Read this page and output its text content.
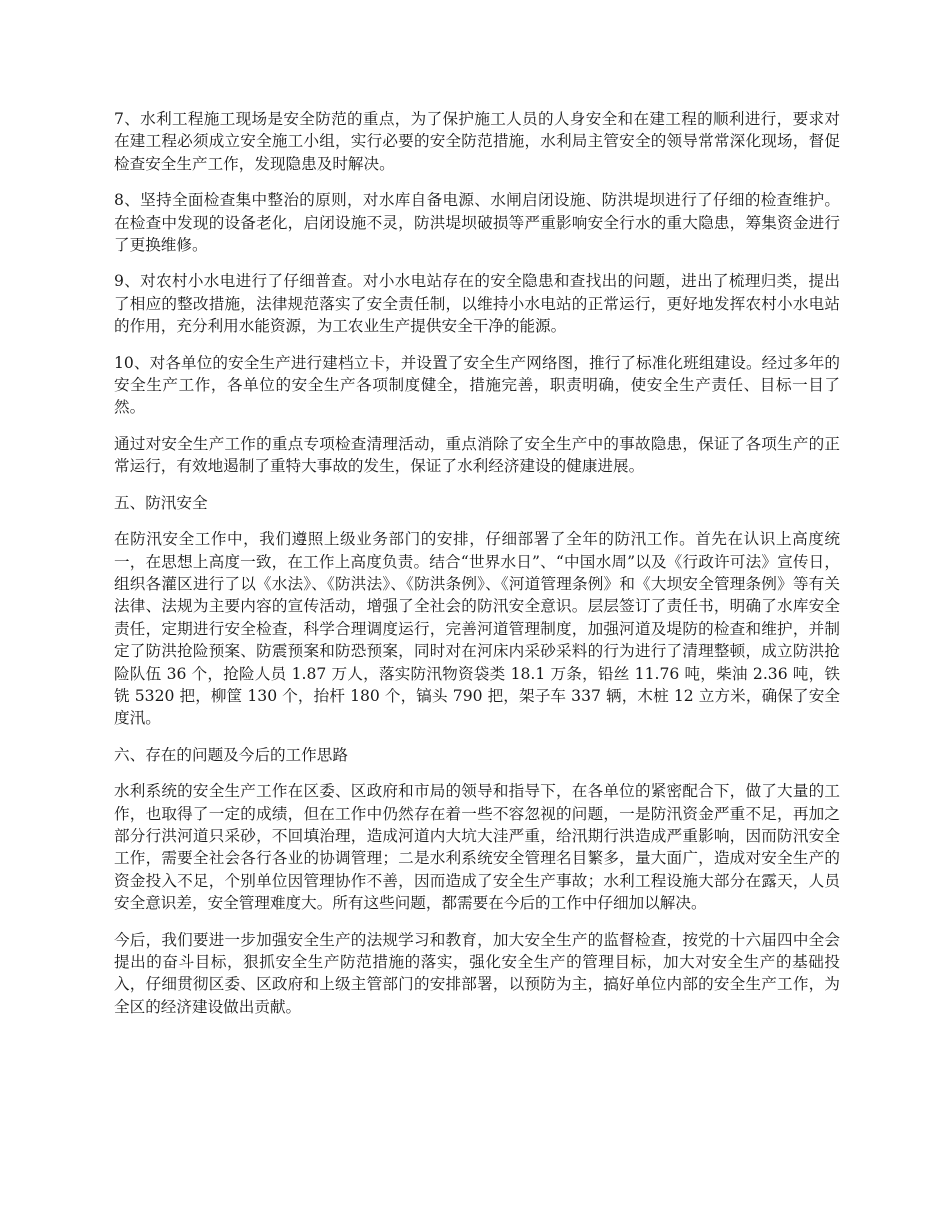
7、水利工程施工现场是安全防范的重点，为了保护施工人员的人身安全和在建工程的顺利进行，要求对在建工程必须成立安全施工小组，实行必要的安全防范措施，水利局主管安全的领导常常深化现场，督促检查安全生产工作，发现隐患及时解决。

8、坚持全面检查集中整治的原则，对水库自备电源、水闸启闭设施、防洪堤坝进行了仔细的检查维护。在检查中发现的设备老化，启闭设施不灵，防洪堤坝破损等严重影响安全行水的重大隐患，筹集资金进行了更换维修。

9、对农村小水电进行了仔细普查。对小水电站存在的安全隐患和查找出的问题，进出了梳理归类，提出了相应的整改措施，法律规范落实了安全责任制，以维持小水电站的正常运行，更好地发挥农村小水电站的作用，充分利用水能资源，为工农业生产提供安全干净的能源。

10、对各单位的安全生产进行建档立卡，并设置了安全生产网络图，推行了标准化班组建设。经过多年的安全生产工作，各单位的安全生产各项制度健全，措施完善，职责明确，使安全生产责任、目标一目了然。

通过对安全生产工作的重点专项检查清理活动，重点消除了安全生产中的事故隐患，保证了各项生产的正常运行，有效地遏制了重特大事故的发生，保证了水利经济建设的健康进展。

五、防汛安全

在防汛安全工作中，我们遵照上级业务部门的安排，仔细部署了全年的防汛工作。首先在认识上高度统一，在思想上高度一致，在工作上高度负责。结合“世界水日”、“中国水周”以及《行政许可法》宣传日，组织各灌区进行了以《水法》、《防洪法》、《防洪条例》、《河道管理条例》和《大坝安全管理条例》等有关法律、法规为主要内容的宣传活动，增强了全社会的防汛安全意识。层层签订了责任书，明确了水库安全责任，定期进行安全检查，科学合理调度运行，完善河道管理制度，加强河道及堤防的检查和维护，并制定了防洪抢险预案、防震预案和防恐预案，同时对在河床内采砂采料的行为进行了清理整顿，成立防洪抢险队伍 36 个，抢险人员 1.87 万人，落实防汛物资袋类 18.1 万条，铅丝 11.76 吨，柴油 2.36 吨，铁铣 5320 把，柳筐 130 个，抬杆 180 个，镐头 790 把，架子车 337 辆，木桩 12 立方米，确保了安全度汛。

六、存在的问题及今后的工作思路

水利系统的安全生产工作在区委、区政府和市局的领导和指导下，在各单位的紧密配合下，做了大量的工作，也取得了一定的成绩，但在工作中仍然存在着一些不容忽视的问题，一是防汛资金严重不足，再加之部分行洪河道只采砂，不回填治理，造成河道内大坑大洼严重，给汛期行洪造成严重影响，因而防汛安全工作，需要全社会各行各业的协调管理；二是水利系统安全管理名目繁多，量大面广，造成对安全生产的资金投入不足，个别单位因管理协作不善，因而造成了安全生产事故；水利工程设施大部分在露天，人员安全意识差，安全管理难度大。所有这些问题，都需要在今后的工作中仔细加以解决。

今后，我们要进一步加强安全生产的法规学习和教育，加大安全生产的监督检查，按党的十六届四中全会提出的奋斗目标，狠抓安全生产防范措施的落实，强化安全生产的管理目标，加大对安全生产的基础投入，仔细贯彻区委、区政府和上级主管部门的安排部署，以预防为主，搞好单位内部的安全生产工作，为全区的经济建设做出贡献。
